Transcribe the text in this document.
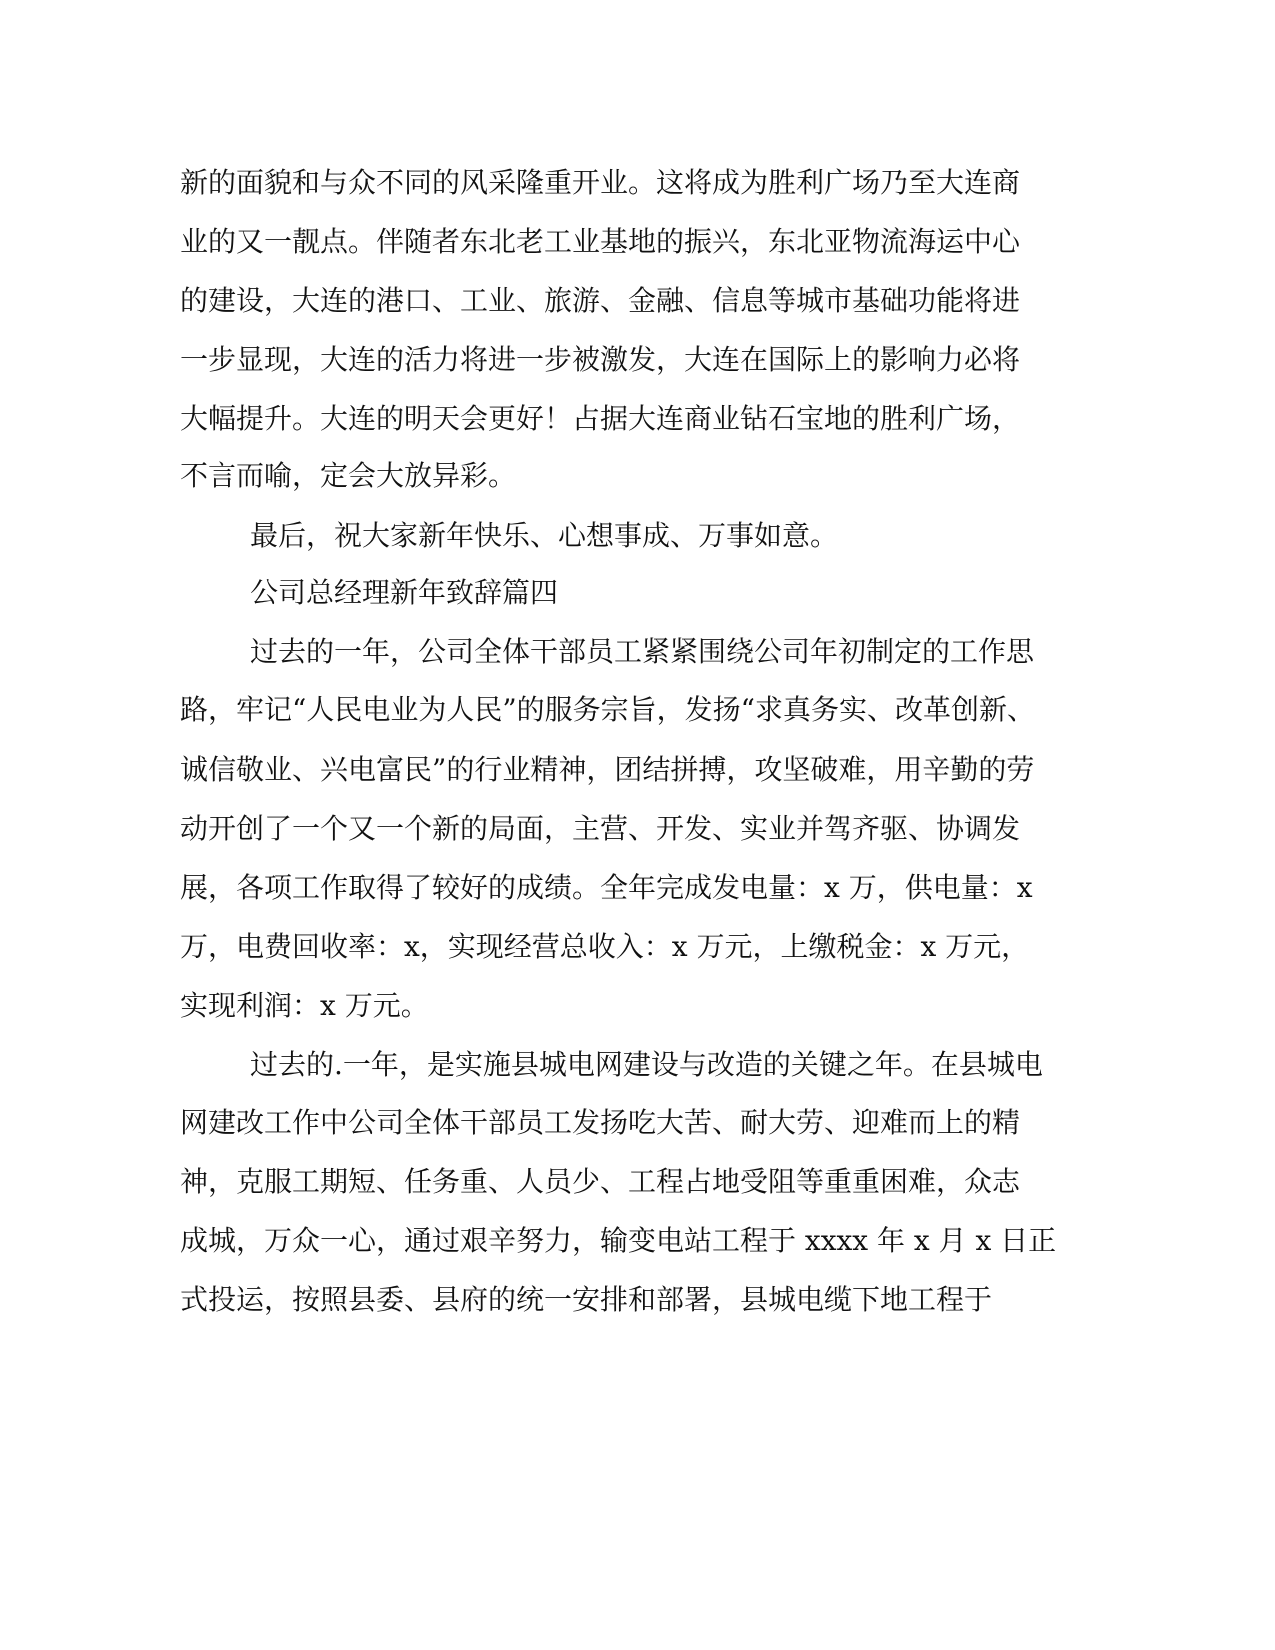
新的面貌和与众不同的风采隆重开业。这将成为胜利广场乃至大连商
业的又一靓点。伴随者东北老工业基地的振兴，东北亚物流海运中心
的建设，大连的港口、工业、旅游、金融、信息等城市基础功能将进
一步显现，大连的活力将进一步被激发，大连在国际上的影响力必将
大幅提升。大连的明天会更好！占据大连商业钻石宝地的胜利广场，
不言而喻，定会大放异彩。
最后，祝大家新年快乐、心想事成、万事如意。
公司总经理新年致辞篇四
过去的一年，公司全体干部员工紧紧围绕公司年初制定的工作思
路，牢记“人民电业为人民”的服务宗旨，发扬“求真务实、改革创新、
诚信敬业、兴电富民”的行业精神，团结拼搏，攻坚破难，用辛勤的劳
动开创了一个又一个新的局面，主营、开发、实业并驾齐驱、协调发
展，各项工作取得了较好的成绩。全年完成发电量：x 万，供电量：x
万，电费回收率：x，实现经营总收入：x 万元，上缴税金：x 万元，
实现利润：x 万元。
过去的.一年，是实施县城电网建设与改造的关键之年。在县城电
网建改工作中公司全体干部员工发扬吃大苦、耐大劳、迎难而上的精
神，克服工期短、任务重、人员少、工程占地受阻等重重困难，众志
成城，万众一心，通过艰辛努力，输变电站工程于 xxxx 年 x 月 x 日正
式投运，按照县委、县府的统一安排和部署，县城电缆下地工程于
